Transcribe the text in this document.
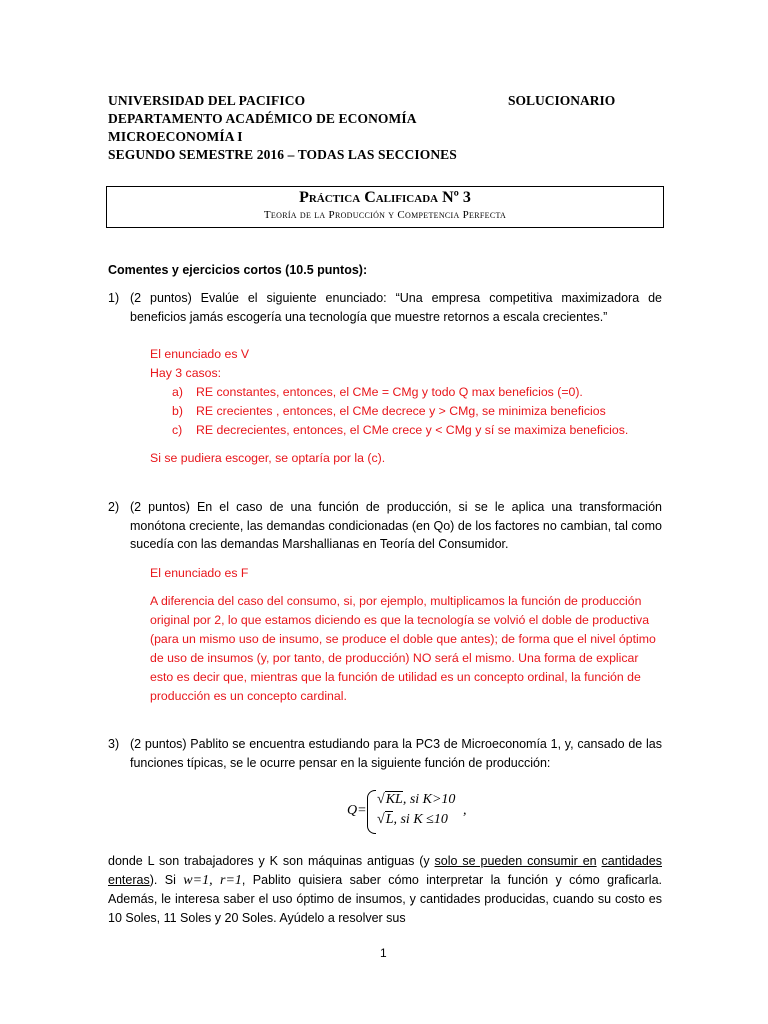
UNIVERSIDAD DEL PACIFICO	SOLUCIONARIO
DEPARTAMENTO ACADÉMICO DE ECONOMÍA
MICROECONOMÍA I
SEGUNDO SEMESTRE 2016 – TODAS LAS SECCIONES
Práctica Calificada Nº 3
Teoría de la Producción y Competencia Perfecta
Comentes y ejercicios cortos (10.5 puntos):
1) (2 puntos) Evalúe el siguiente enunciado: “Una empresa competitiva maximizadora de beneficios jamás escogería una tecnología que muestre retornos a escala crecientes.”

El enunciado es V

Hay 3 casos:

a) RE constantes, entonces, el CMe = CMg y todo Q max beneficios (=0).
b) RE crecientes , entonces, el CMe decrece y > CMg, se minimiza beneficios
c) RE decrecientes, entonces, el CMe crece y < CMg y sí se maximiza beneficios.

Si se pudiera escoger, se optaría por la (c).

2) (2 puntos) En el caso de una función de producción, si se le aplica una transformación monótona creciente, las demandas condicionadas (en Qo) de los factores no cambian, tal como sucedía con las demandas Marshallianas en Teoría del Consumidor.

El enunciado es F

A diferencia del caso del consumo, si, por ejemplo, multiplicamos la función de producción original por 2, lo que estamos diciendo es que la tecnología se volvió el doble de productiva (para un mismo uso de insumo, se produce el doble que antes); de forma que el nivel óptimo de uso de insumos (y, por tanto, de producción) NO será el mismo. Una forma de explicar esto es decir que, mientras que la función de utilidad es un concepto ordinal, la función de producción es un concepto cardinal.

3) (2 puntos) Pablito se encuentra estudiando para la PC3 de Microeconomía 1, y, cansado de las funciones típicas, se le ocurre pensar en la siguiente función de producción:
Q=
√KL, si K>10
√L, si K ≤10
,
donde L son trabajadores y K son máquinas antiguas (y solo se pueden consumir en cantidades enteras). Si w=1, r=1, Pablito quisiera saber cómo interpretar la función y cómo graficarla. Además, le interesa saber el uso óptimo de insumos, y cantidades producidas, cuando su costo es 10 Soles, 11 Soles y 20 Soles. Ayúdelo a resolver sus
1
